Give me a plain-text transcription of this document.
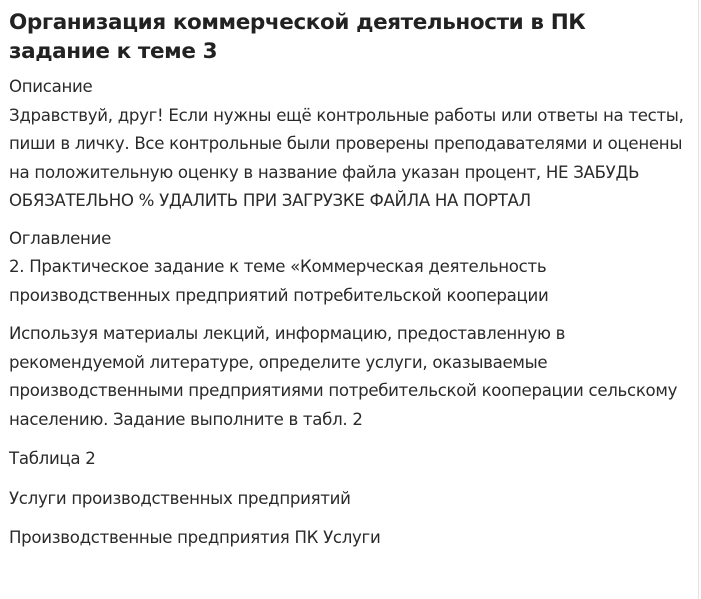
Организация коммерческой деятельности в ПК задание к теме 3
Описание

Здравствуй, друг! Если нужны ещё контрольные работы или ответы на тесты, пиши в личку. Все контрольные были проверены преподавателями и оценены на положительную оценку в название файла указан процент, НЕ ЗАБУДЬ ОБЯЗАТЕЛЬНО % УДАЛИТЬ ПРИ ЗАГРУЗКЕ ФАЙЛА НА ПОРТАЛ

Оглавление

2. Практическое задание к теме «Коммерческая деятельность производственных предприятий потребительской кооперации

Используя материалы лекций, информацию, предоставленную в рекомендуемой литературе, определите услуги, оказываемые производственными предприятиями потребительской кооперации сельскому населению. Задание выполните в табл. 2

Таблица 2

Услуги производственных предприятий

Производственные предприятия ПК Услуги
